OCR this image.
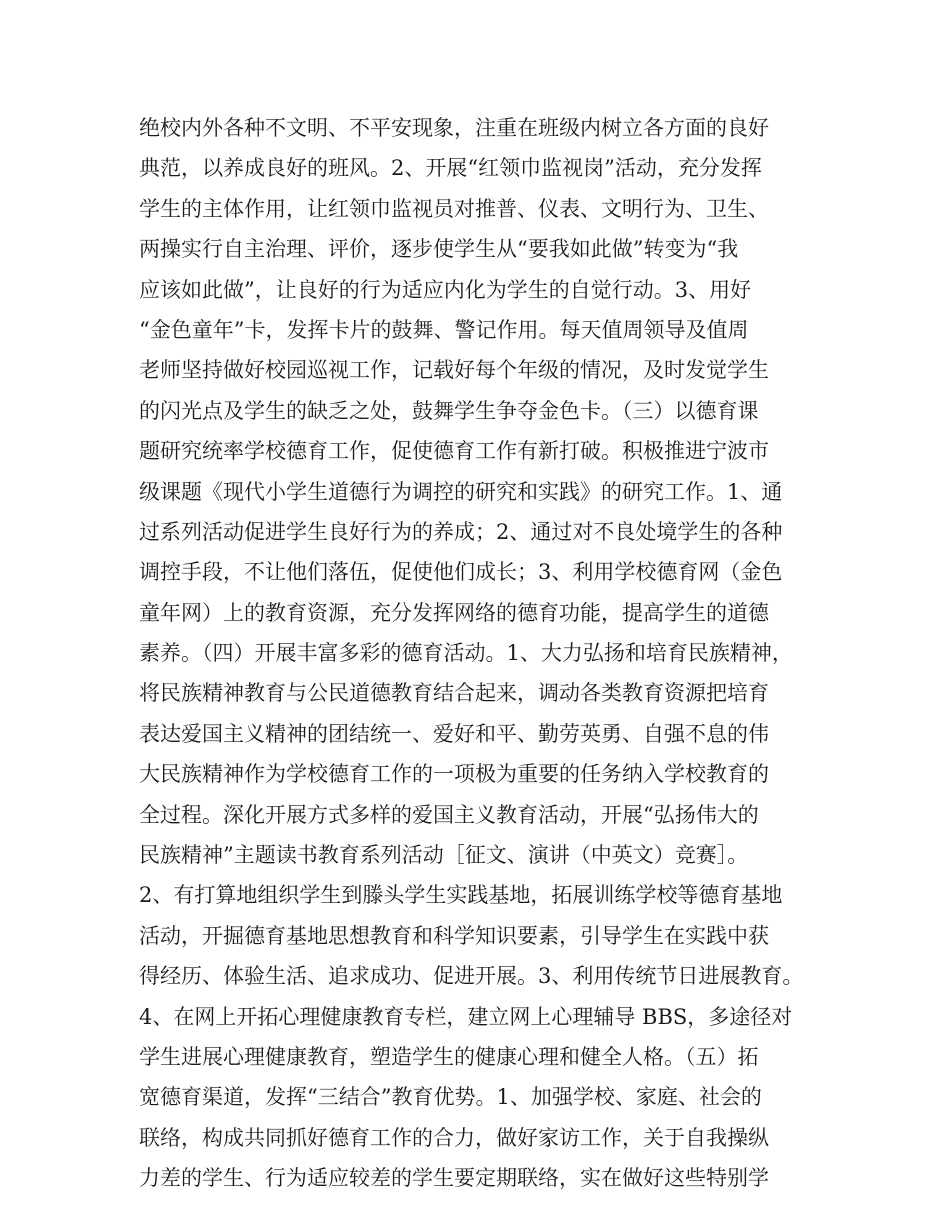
绝校内外各种不文明、不平安现象，注重在班级内树立各方面的良好
典范，以养成良好的班风。2、开展“红领巾监视岗”活动，充分发挥
学生的主体作用，让红领巾监视员对推普、仪表、文明行为、卫生、
两操实行自主治理、评价，逐步使学生从“要我如此做”转变为“我
应该如此做”，让良好的行为适应内化为学生的自觉行动。3、用好
“金色童年”卡，发挥卡片的鼓舞、警记作用。每天值周领导及值周
老师坚持做好校园巡视工作，记载好每个年级的情况，及时发觉学生
的闪光点及学生的缺乏之处，鼓舞学生争夺金色卡。（三）以德育课
题研究统率学校德育工作，促使德育工作有新打破。积极推进宁波市
级课题《现代小学生道德行为调控的研究和实践》的研究工作。1、通
过系列活动促进学生良好行为的养成；2、通过对不良处境学生的各种
调控手段，不让他们落伍，促使他们成长；3、利用学校德育网（金色
童年网）上的教育资源，充分发挥网络的德育功能，提高学生的道德
素养。（四）开展丰富多彩的德育活动。1、大力弘扬和培育民族精神，
将民族精神教育与公民道德教育结合起来，调动各类教育资源把培育
表达爱国主义精神的团结统一、爱好和平、勤劳英勇、自强不息的伟
大民族精神作为学校德育工作的一项极为重要的任务纳入学校教育的
全过程。深化开展方式多样的爱国主义教育活动，开展“弘扬伟大的
民族精神”主题读书教育系列活动［征文、演讲（中英文）竞赛］。
2、有打算地组织学生到滕头学生实践基地，拓展训练学校等德育基地
活动，开掘德育基地思想教育和科学知识要素，引导学生在实践中获
得经历、体验生活、追求成功、促进开展。3、利用传统节日进展教育。
4、在网上开拓心理健康教育专栏，建立网上心理辅导 BBS，多途径对
学生进展心理健康教育，塑造学生的健康心理和健全人格。（五）拓
宽德育渠道，发挥“三结合”教育优势。1、加强学校、家庭、社会的
联络，构成共同抓好德育工作的合力，做好家访工作，关于自我操纵
力差的学生、行为适应较差的学生要定期联络，实在做好这些特别学
